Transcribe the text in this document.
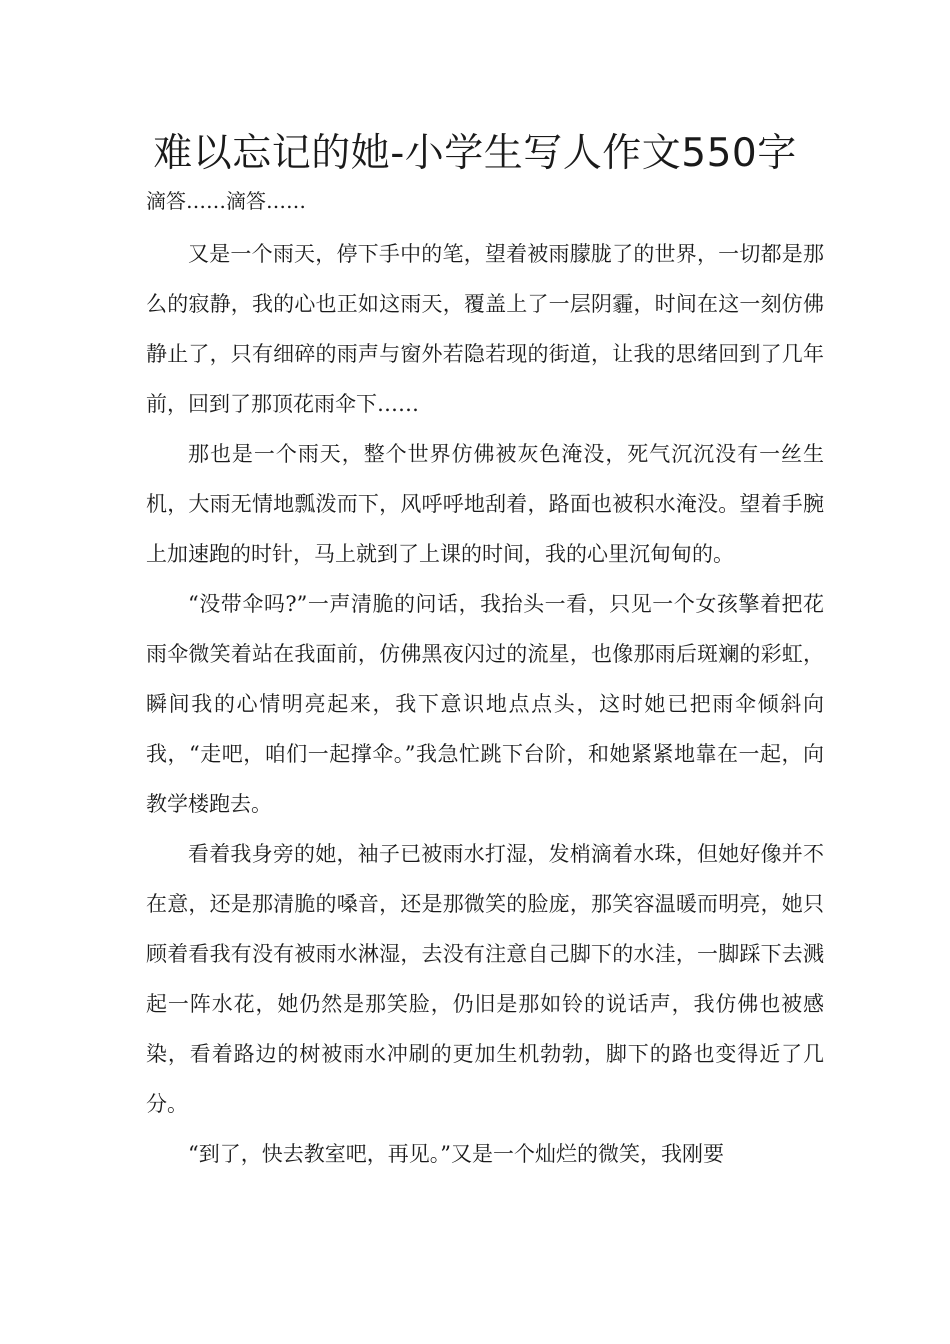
难以忘记的她-小学生写人作文550字
滴答……滴答……

又是一个雨天，停下手中的笔，望着被雨朦胧了的世界，一切都是那么的寂静，我的心也正如这雨天，覆盖上了一层阴霾，时间在这一刻仿佛静止了，只有细碎的雨声与窗外若隐若现的街道，让我的思绪回到了几年前，回到了那顶花雨伞下……

那也是一个雨天，整个世界仿佛被灰色淹没，死气沉沉没有一丝生机，大雨无情地瓢泼而下，风呼呼地刮着，路面也被积水淹没。望着手腕上加速跑的时针，马上就到了上课的时间，我的心里沉甸甸的。

“没带伞吗?”一声清脆的问话，我抬头一看，只见一个女孩擎着把花雨伞微笑着站在我面前，仿佛黑夜闪过的流星，也像那雨后斑斓的彩虹，瞬间我的心情明亮起来，我下意识地点点头，这时她已把雨伞倾斜向我，“走吧，咱们一起撑伞。”我急忙跳下台阶，和她紧紧地靠在一起，向教学楼跑去。

看着我身旁的她，袖子已被雨水打湿，发梢滴着水珠，但她好像并不在意，还是那清脆的嗓音，还是那微笑的脸庞，那笑容温暖而明亮，她只顾着看我有没有被雨水淋湿，去没有注意自己脚下的水洼，一脚踩下去溅起一阵水花，她仍然是那笑脸，仍旧是那如铃的说话声，我仿佛也被感染，看着路边的树被雨水冲刷的更加生机勃勃，脚下的路也变得近了几分。

“到了，快去教室吧，再见。”又是一个灿烂的微笑，我刚要
